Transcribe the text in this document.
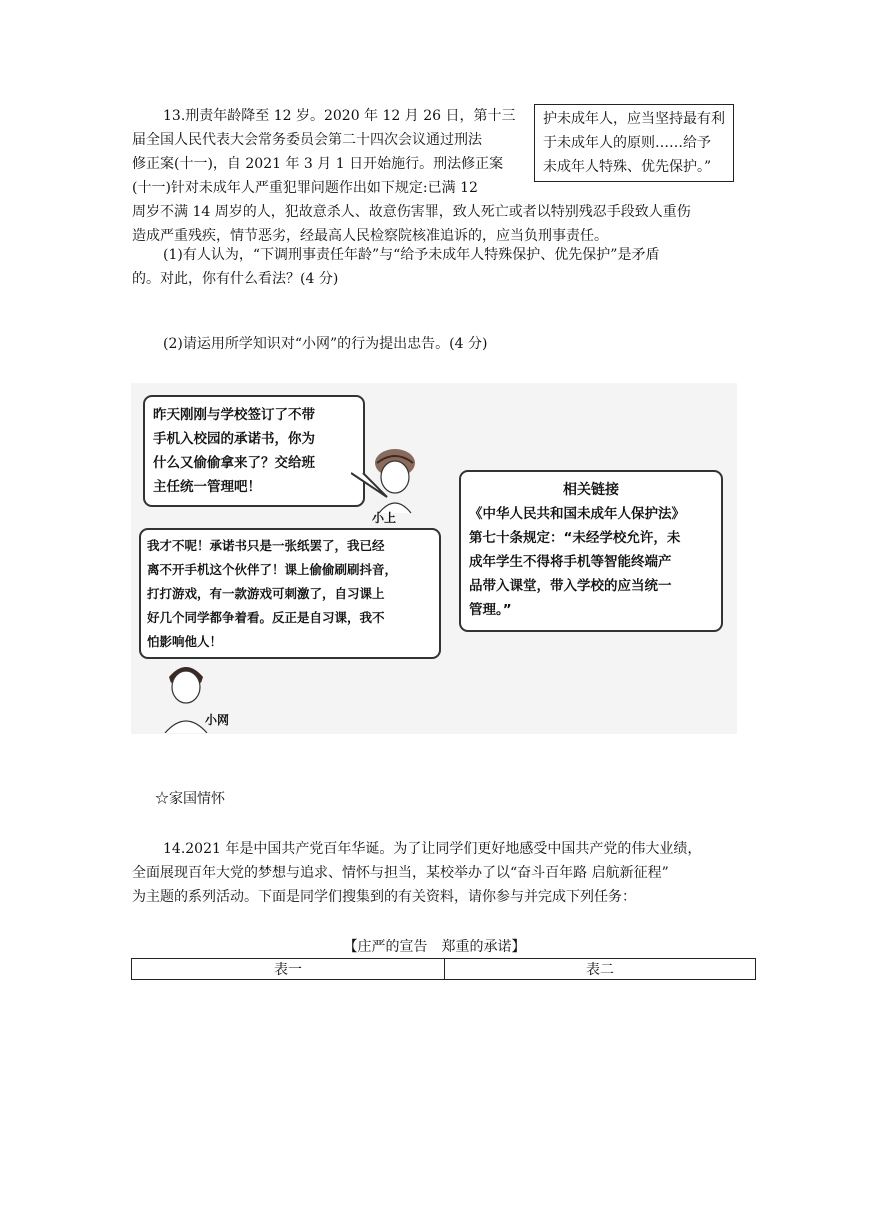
13.刑责年龄降至 12 岁。2020 年 12 月 26 日，第十三
届全国人民代表大会常务委员会第二十四次会议通过刑法
修正案(十一)，自 2021 年 3 月 1 日开始施行。刑法修正案
(十一)针对未成年人严重犯罪问题作出如下规定:已满 12
周岁不满 14 周岁的人，犯故意杀人、故意伤害罪，致人死亡或者以特别残忍手段致人重伤
造成严重残疾，情节恶劣，经最高人民检察院核准追诉的，应当负刑事责任。
护未成年人，应当坚持最有利
于未成年人的原则……给予
未成年人特殊、优先保护。”
(1)有人认为，“下调刑事责任年龄”与“给予未成年人特殊保护、优先保护”是矛盾
的。对此，你有什么看法？(4 分)
(2)请运用所学知识对“小网”的行为提出忠告。(4 分)
昨天刚刚与学校签订了不带
手机入校园的承诺书，你为
什么又偷偷拿来了？交给班
主任统一管理吧！
小上
相关链接
《中华人民共和国未成年人保护法》
第七十条规定：“未经学校允许，未
成年学生不得将手机等智能终端产
品带入课堂，带入学校的应当统一
管理。”
我才不呢！承诺书只是一张纸罢了，我已经
离不开手机这个伙伴了！课上偷偷刷刷抖音，
打打游戏，有一款游戏可刺激了，自习课上
好几个同学都争着看。反正是自习课，我不
怕影响他人！
小网
☆家国情怀
14.2021 年是中国共产党百年华诞。为了让同学们更好地感受中国共产党的伟大业绩，
全面展现百年大党的梦想与追求、情怀与担当，某校举办了以“奋斗百年路 启航新征程”
为主题的系列活动。下面是同学们搜集到的有关资料，请你参与并完成下列任务：
【庄严的宣告　郑重的承诺】
表一	表二
